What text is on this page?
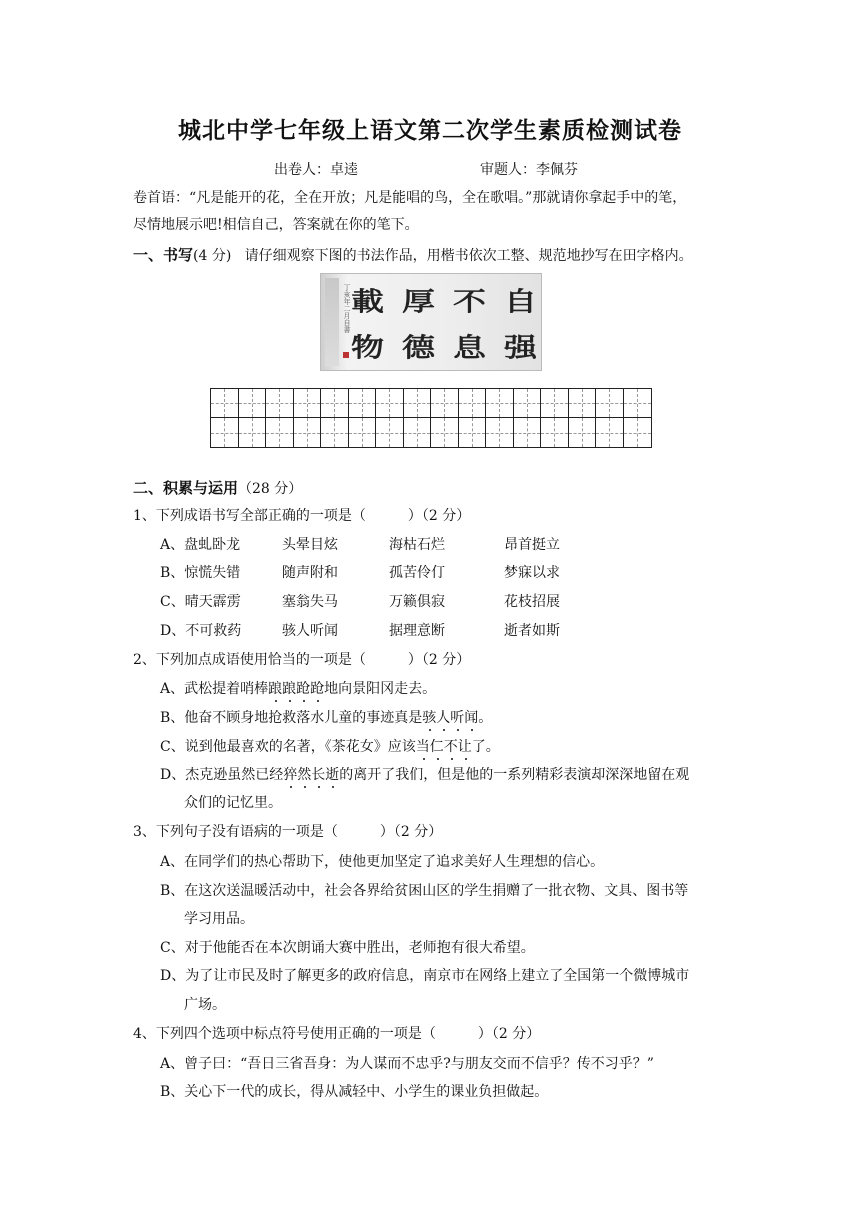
城北中学七年级上语文第二次学生素质检测试卷
出卷人：卓逵	审题人：李佩芬
卷首语：“凡是能开的花，全在开放；凡是能唱的鸟，全在歌唱。”那就请你拿起手中的笔，
尽情地展示吧!相信自己，答案就在你的笔下。
一、书写(4 分) 请仔细观察下图的书法作品，用楷书依次工整、规范地抄写在田字格内。
丁亥年二月自書 載 厚 不 自
物 德 息 强
二、积累与运用（28 分）
1、下列成语书写全部正确的一项是（　　　）（2 分）
A、盘虬卧龙	头晕目炫	海枯石烂	昂首挺立
B、惊慌失错	随声附和	孤苦伶仃	梦寐以求
C、晴天霹雳	塞翁失马	万籁俱寂	花枝招展
D、不可救药	骇人听闻	据理意断	逝者如斯
2、下列加点成语使用恰当的一项是（　　　）（2 分）
A、武松提着哨棒踉踉跄跄地向景阳冈走去。
B、他奋不顾身地抢救落水儿童的事迹真是骇人听闻。
C、说到他最喜欢的名著，《茶花女》应该当仁不让了。
D、杰克逊虽然已经猝然长逝的离开了我们，但是他的一系列精彩表演却深深地留在观
众们的记忆里。
3、下列句子没有语病的一项是（　　　）（2 分）
A、在同学们的热心帮助下，使他更加坚定了追求美好人生理想的信心。
B、在这次送温暖活动中，社会各界给贫困山区的学生捐赠了一批衣物、文具、图书等
学习用品。
C、对于他能否在本次朗诵大赛中胜出，老师抱有很大希望。
D、为了让市民及时了解更多的政府信息，南京市在网络上建立了全国第一个微博城市
广场。
4、下列四个选项中标点符号使用正确的一项是（　　　）（2 分）
A、曾子曰：“吾日三省吾身：为人谋而不忠乎?与朋友交而不信乎？传不习乎？”
B、关心下一代的成长，得从减轻中、小学生的课业负担做起。
